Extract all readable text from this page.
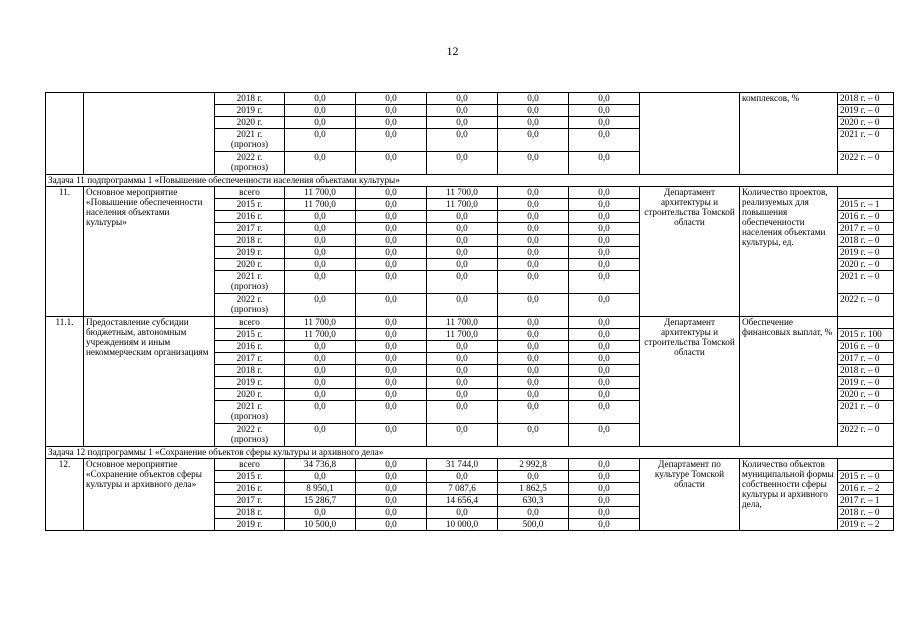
12
		2018 г.	0,0	0,0	0,0	0,0	0,0		комплексов, %	2018 г. – 0
		2019 г.	0,0	0,0	0,0	0,0	0,0			2019 г. – 0
		2020 г.	0,0	0,0	0,0	0,0	0,0			2020 г. – 0
		2021 г. (прогноз)	0,0	0,0	0,0	0,0	0,0			2021 г. – 0
		2022 г. (прогноз)	0,0	0,0	0,0	0,0	0,0			2022 г. – 0
Задача 11 подпрограммы 1 «Повышение обеспеченности населения объектами культуры»										
11.	Основное мероприятие «Повышение обеспеченности населения объектами культуры»	всего	11 700,0	0,0	11 700,0	0,0	0,0	Департамент архитектуры и строительства Томской области	Количество проектов, реализуемых для повышения обеспеченности населения объектами культуры, ед.	
		2015 г.	11 700,0	0,0	11 700,0	0,0	0,0			2015 г. – 1
		2016 г.	0,0	0,0	0,0	0,0	0,0			2016 г. – 0
		2017 г.	0,0	0,0	0,0	0,0	0,0			2017 г. – 0
		2018 г.	0,0	0,0	0,0	0,0	0,0			2018 г. – 0
		2019 г.	0,0	0,0	0,0	0,0	0,0			2019 г. – 0
		2020 г.	0,0	0,0	0,0	0,0	0,0			2020 г. – 0
		2021 г. (прогноз)	0,0	0,0	0,0	0,0	0,0			2021 г. – 0
		2022 г. (прогноз)	0,0	0,0	0,0	0,0	0,0			2022 г. – 0
11.1.	Предоставление субсидии бюджетным, автономным учреждениям и иным некоммерческим организациям	всего	11 700,0	0,0	11 700,0	0,0	0,0	Департамент архитектуры и строительства Томской области	Обеспечение финансовых выплат, %	
		2015 г.	11 700,0	0,0	11 700,0	0,0	0,0			2015 г. 100
		2016 г.	0,0	0,0	0,0	0,0	0,0			2016 г. – 0
		2017 г.	0,0	0,0	0,0	0,0	0,0			2017 г. – 0
		2018 г.	0,0	0,0	0,0	0,0	0,0			2018 г. – 0
		2019 г.	0,0	0,0	0,0	0,0	0,0			2019 г. – 0
		2020 г.	0,0	0,0	0,0	0,0	0,0			2020 г. – 0
		2021 г. (прогноз)	0,0	0,0	0,0	0,0	0,0			2021 г. – 0
		2022 г. (прогноз)	0,0	0,0	0,0	0,0	0,0			2022 г. – 0
Задача 12 подпрограммы 1 «Сохранение объектов сферы культуры и архивного дела»										
12.	Основное мероприятие «Сохранение объектов сферы культуры и архивного дела»	всего	34 736,8	0,0	31 744,0	2 992,8	0,0	Департамент по культуре Томской области	Количество объектов муниципальной формы собственности сферы культуры и архивного дела,	
		2015 г.	0,0	0,0	0,0	0,0	0,0			2015 г. – 0
		2016 г.	8 950,1	0,0	7 087,6	1 862,5	0,0			2016 г. – 2
		2017 г.	15 286,7	0,0	14 656,4	630,3	0,0			2017 г. – 1
		2018 г.	0,0	0,0	0,0	0,0	0,0			2018 г. – 0
		2019 г.	10 500,0	0,0	10 000,0	500,0	0,0			2019 г. – 2
